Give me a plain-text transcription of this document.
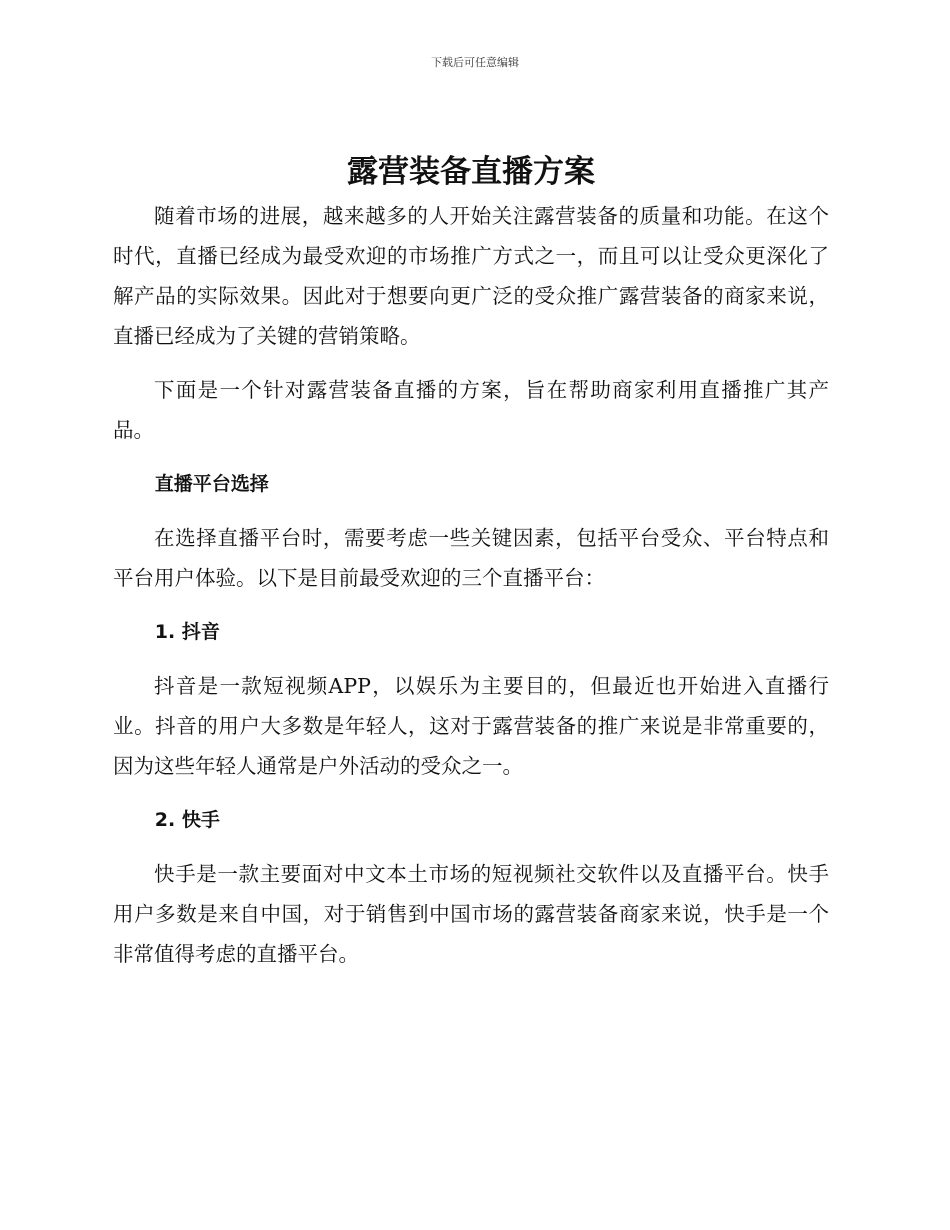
下载后可任意编辑
露营装备直播方案

随着市场的进展，越来越多的人开始关注露营装备的质量和功能。在这个时代，直播已经成为最受欢迎的市场推广方式之一，而且可以让受众更深化了解产品的实际效果。因此对于想要向更广泛的受众推广露营装备的商家来说，直播已经成为了关键的营销策略。

下面是一个针对露营装备直播的方案，旨在帮助商家利用直播推广其产品。

直播平台选择

在选择直播平台时，需要考虑一些关键因素，包括平台受众、平台特点和平台用户体验。以下是目前最受欢迎的三个直播平台：

1. 抖音

抖音是一款短视频APP，以娱乐为主要目的，但最近也开始进入直播行业。抖音的用户大多数是年轻人，这对于露营装备的推广来说是非常重要的，因为这些年轻人通常是户外活动的受众之一。

2. 快手

快手是一款主要面对中文本土市场的短视频社交软件以及直播平台。快手用户多数是来自中国，对于销售到中国市场的露营装备商家来说，快手是一个非常值得考虑的直播平台。
